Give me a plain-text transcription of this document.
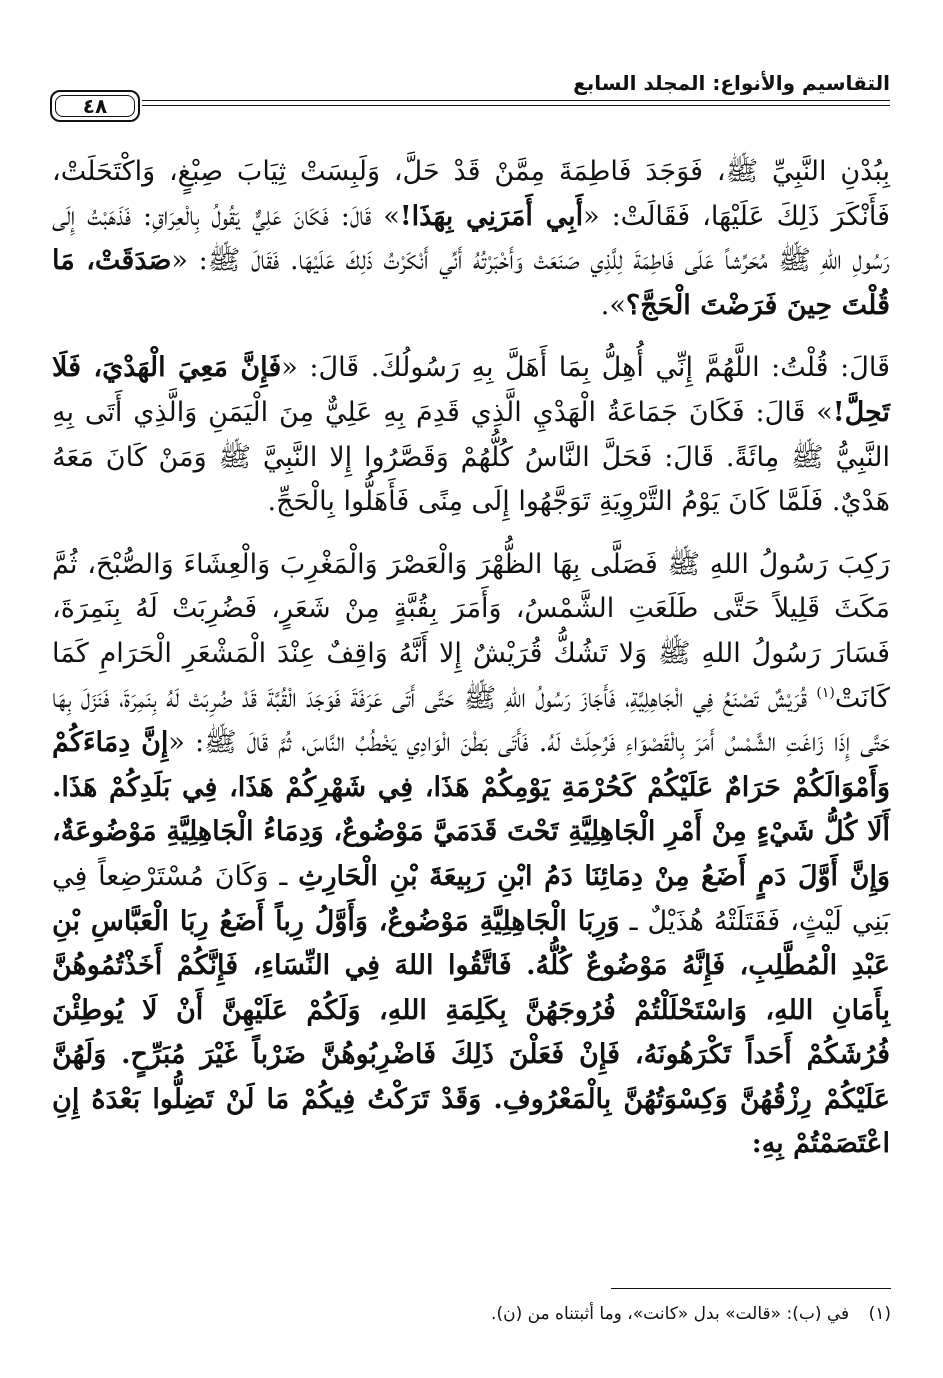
التقاسيم والأنواع: المجلد السابع
٤٨

بِبُدْنِ النَّبِيِّ ﷺ، فَوَجَدَ فَاطِمَةَ مِمَّنْ قَدْ حَلَّ، وَلَبِسَتْ ثِيَابَ صِبْغٍ، وَاكْتَحَلَتْ، فَأَنْكَرَ ذَلِكَ عَلَيْهَا، فَقَالَتْ: «أَبِي أَمَرَنِي بِهَذَا!» قَالَ: فَكَانَ عَلِيٌّ يَقُولُ بِالْعِرَاقِ: فَذَهَبْتُ إِلَى رَسُولِ اللهِ ﷺ مُحَرِّشاً عَلَى فَاطِمَةَ لِلَّذِي صَنَعَتْ وَأَخْبَرْتُهُ أَنِّي أَنْكَرْتُ ذَلِكَ عَلَيْهَا. فَقَالَ ﷺ: «صَدَقَتْ، مَا قُلْتَ حِينَ فَرَضْتَ الْحَجَّ؟».

قَالَ: قُلْتُ: اللَّهُمَّ إِنِّي أُهِلُّ بِمَا أَهَلَّ بِهِ رَسُولُكَ. قَالَ: «فَإِنَّ مَعِيَ الْهَدْيَ، فَلَا تَحِلَّ!» قَالَ: فَكَانَ جَمَاعَةُ الْهَدْيِ الَّذِي قَدِمَ بِهِ عَلِيٌّ مِنَ الْيَمَنِ وَالَّذِي أَتَى بِهِ النَّبِيُّ ﷺ مِائَةً. قَالَ: فَحَلَّ النَّاسُ كُلُّهُمْ وَقَصَّرُوا إِلا النَّبِيَّ ﷺ وَمَنْ كَانَ مَعَهُ هَدْيٌ. فَلَمَّا كَانَ يَوْمُ التَّرْوِيَةِ تَوَجَّهُوا إِلَى مِنًى فَأَهَلُّوا بِالْحَجِّ.

رَكِبَ رَسُولُ اللهِ ﷺ فَصَلَّى بِهَا الظُّهْرَ وَالْعَصْرَ وَالْمَغْرِبَ وَالْعِشَاءَ وَالصُّبْحَ، ثُمَّ مَكَثَ قَلِيلاً حَتَّى طَلَعَتِ الشَّمْسُ، وَأَمَرَ بِقُبَّةٍ مِنْ شَعَرٍ، فَضُرِبَتْ لَهُ بِنَمِرَةَ، فَسَارَ رَسُولُ اللهِ ﷺ وَلا تَشُكُّ قُرَيْشٌ إِلا أَنَّهُ وَاقِفٌ عِنْدَ الْمَشْعَرِ الْحَرَامِ كَمَا كَانَتْ$^{(١)}$ قُرَيْشٌ تَصْنَعُ فِي الْجَاهِلِيَّةِ، فَأَجَازَ رَسُولُ اللهِ ﷺ حَتَّى أَتَى عَرَفَةَ فَوَجَدَ الْقُبَّةَ قَدْ ضُرِبَتْ لَهُ بِنَمِرَةَ، فَنَزَلَ بِهَا حَتَّى إِذَا زَاغَتِ الشَّمْسُ أَمَرَ بِالْقَصْوَاءِ فَرُحِلَتْ لَهُ. فَأَتَى بَطْنَ الْوَادِي يَخْطُبُ النَّاسَ، ثُمَّ قَالَ ﷺ: «إِنَّ دِمَاءَكُمْ وَأَمْوَالَكُمْ حَرَامٌ عَلَيْكُمْ كَحُرْمَةِ يَوْمِكُمْ هَذَا، فِي شَهْرِكُمْ هَذَا، فِي بَلَدِكُمْ هَذَا. أَلَا كُلُّ شَيْءٍ مِنْ أَمْرِ الْجَاهِلِيَّةِ تَحْتَ قَدَمَيَّ مَوْضُوعٌ، وَدِمَاءُ الْجَاهِلِيَّةِ مَوْضُوعَةٌ، وَإِنَّ أَوَّلَ دَمٍ أَضَعُ مِنْ دِمَائِنَا دَمُ ابْنِ رَبِيعَةَ بْنِ الْحَارِثِ ـ وَكَانَ مُسْتَرْضِعاً فِي بَنِي لَيْثٍ، فَقَتَلَتْهُ هُذَيْلٌ ـ وَرِبَا الْجَاهِلِيَّةِ مَوْضُوعٌ، وَأَوَّلُ رِباً أَضَعُ رِبَا الْعَبَّاسِ بْنِ عَبْدِ الْمُطَّلِبِ، فَإِنَّهُ مَوْضُوعٌ كُلُّهُ. فَاتَّقُوا اللهَ فِي النِّسَاءِ، فَإِنَّكُمْ أَخَذْتُمُوهُنَّ بِأَمَانِ اللهِ، وَاسْتَحْلَلْتُمْ فُرُوجَهُنَّ بِكَلِمَةِ اللهِ، وَلَكُمْ عَلَيْهِنَّ أَنْ لَا يُوطِئْنَ فُرُشَكُمْ أَحَداً تَكْرَهُونَهُ، فَإِنْ فَعَلْنَ ذَلِكَ فَاضْرِبُوهُنَّ ضَرْباً غَيْرَ مُبَرِّحٍ. وَلَهُنَّ عَلَيْكُمْ رِزْقُهُنَّ وَكِسْوَتُهُنَّ بِالْمَعْرُوفِ. وَقَدْ تَرَكْتُ فِيكُمْ مَا لَنْ تَضِلُّوا بَعْدَهُ إِنِ اعْتَصَمْتُمْ بِهِ:

(١) في (ب): «قالت» بدل «كانت»، وما أثبتناه من (ن).
